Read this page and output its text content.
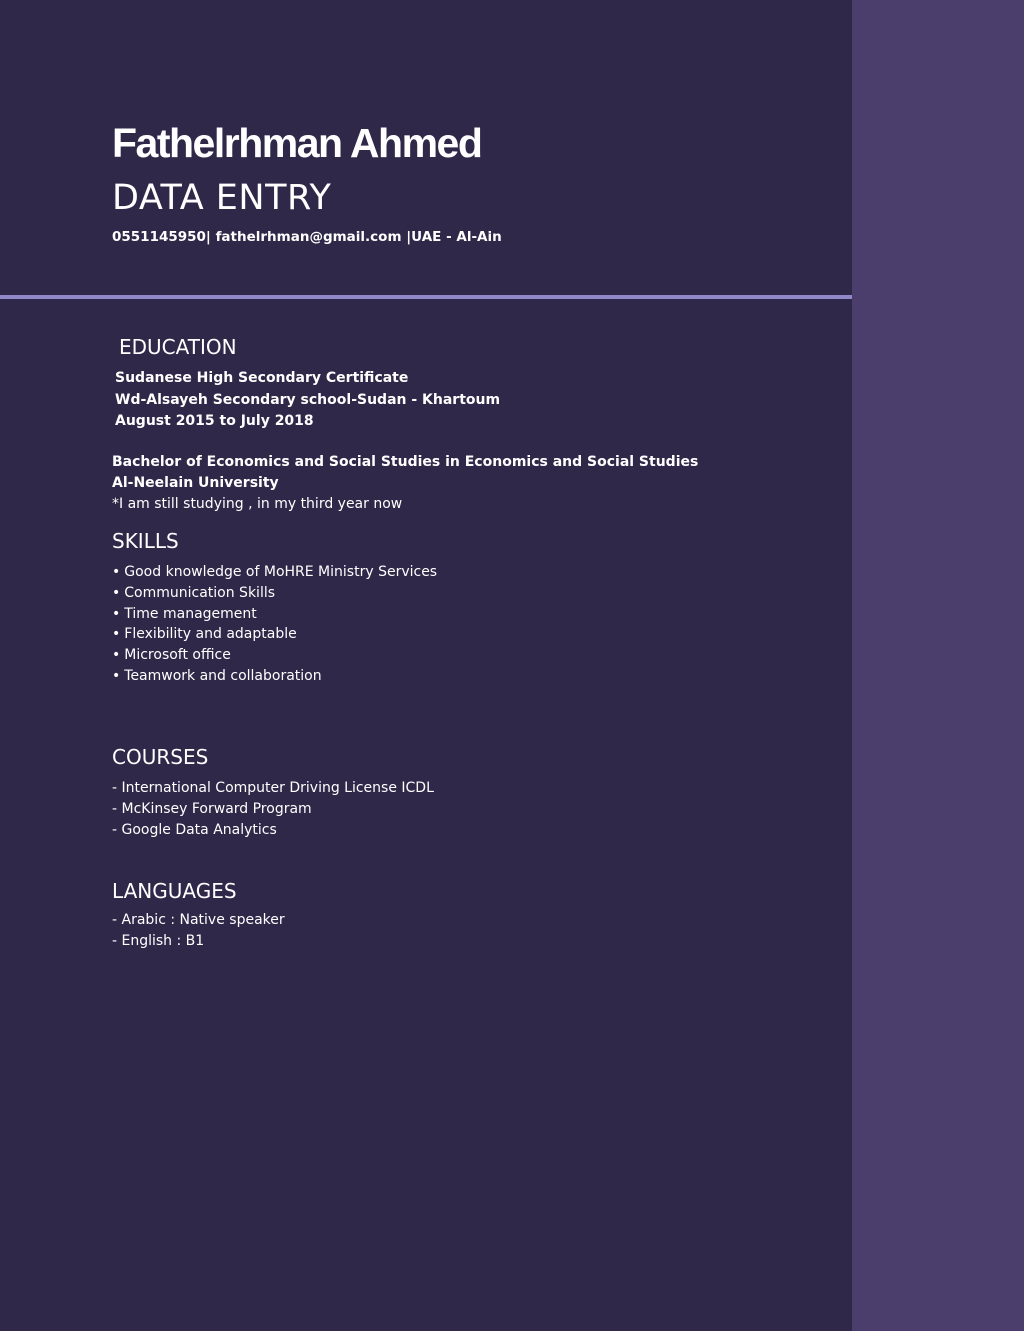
Fathelrhman Ahmed
DATA ENTRY
0551145950| fathelrhman@gmail.com |UAE - Al-Ain
EDUCATION
Sudanese High Secondary Certificate
Wd-Alsayeh Secondary school-Sudan - Khartoum
August 2015 to July 2018
Bachelor of Economics and Social Studies in Economics and Social Studies
Al-Neelain University
*I am still studying , in my third year now
SKILLS
• Good knowledge of MoHRE Ministry Services
• Communication Skills
• Time management
• Flexibility and adaptable
• Microsoft office
• Teamwork and collaboration
COURSES
- International Computer Driving License ICDL
- McKinsey Forward Program
- Google Data Analytics
LANGUAGES
- Arabic : Native speaker
- English : B1
